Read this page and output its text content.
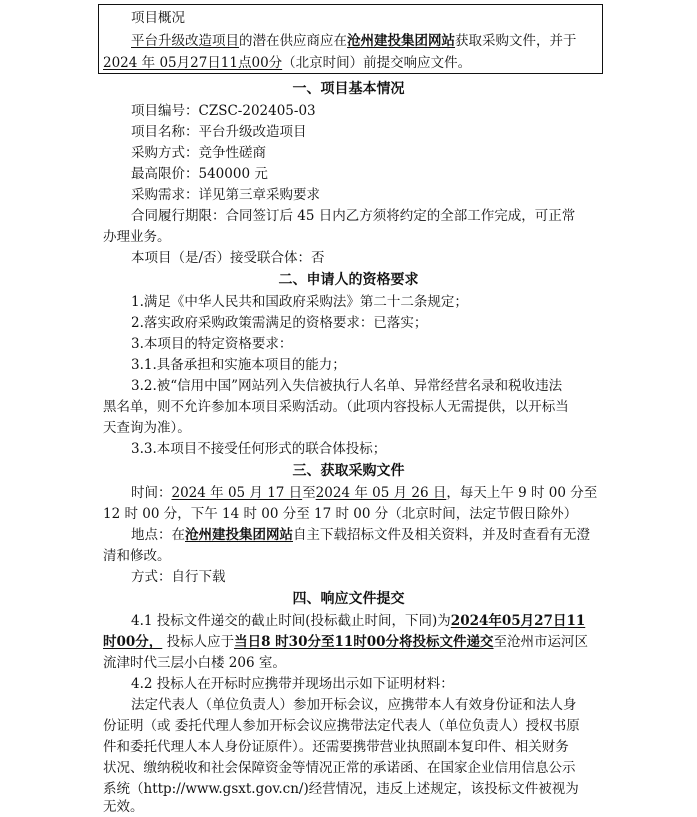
项目概况
平台升级改造项目的潜在供应商应在沧州建投集团网站获取采购文件，并于
2024 年 05月27日11点00分（北京时间）前提交响应文件。
一、项目基本情况
项目编号：CZSC-202405-03
项目名称：平台升级改造项目
采购方式：竞争性磋商
最高限价：540000 元
采购需求：详见第三章采购要求
合同履行期限：合同签订后 45 日内乙方须将约定的全部工作完成，可正常
办理业务。
本项目（是/否）接受联合体：否
二、申请人的资格要求
1.满足《中华人民共和国政府采购法》第二十二条规定；
2.落实政府采购政策需满足的资格要求：已落实；
3.本项目的特定资格要求：
3.1.具备承担和实施本项目的能力；
3.2.被“信用中国”网站列入失信被执行人名单、异常经营名录和税收违法
黑名单，则不允许参加本项目采购活动。（此项内容投标人无需提供，以开标当
天查询为准）。
3.3.本项目不接受任何形式的联合体投标；
三、获取采购文件
时间：2024 年 05 月 17 日至2024 年 05 月 26 日，每天上午 9 时 00 分至
12 时 00 分，下午 14 时 00 分至 17 时 00 分（北京时间，法定节假日除外）
地点：在沧州建投集团网站自主下载招标文件及相关资料，并及时查看有无澄
清和修改。
方式：自行下载
四、响应文件提交
4.1 投标文件递交的截止时间(投标截止时间，下同)为2024年05月27日11
时00分， 投标人应于当日8 时30分至11时00分将投标文件递交至沧州市运河区
流津时代三层小白楼 206 室。
4.2 投标人在开标时应携带并现场出示如下证明材料：
法定代表人（单位负责人）参加开标会议，应携带本人有效身份证和法人身
份证明（或 委托代理人参加开标会议应携带法定代表人（单位负责人）授权书原
件和委托代理人本人身份证原件）。还需要携带营业执照副本复印件、相关财务
状况、缴纳税收和社会保障资金等情况正常的承诺函、在国家企业信用信息公示
系统（http://www.gsxt.gov.cn/)经营情况，违反上述规定，该投标文件被视为
无效。
